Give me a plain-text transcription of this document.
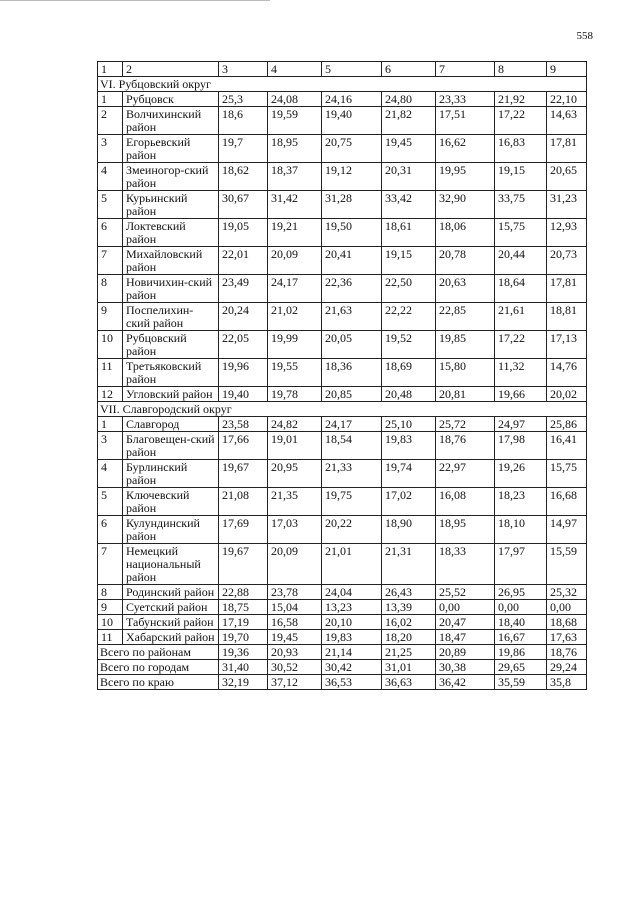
558
1	2	3	4	5	6	7	8	9
VI. Рубцовский округ								
1	Рубцовск	25,3	24,08	24,16	24,80	23,33	21,92	22,10
2	Волчихинский район	18,6	19,59	19,40	21,82	17,51	17,22	14,63
3	Егорьевский район	19,7	18,95	20,75	19,45	16,62	16,83	17,81
4	Змеиногор-ский район	18,62	18,37	19,12	20,31	19,95	19,15	20,65
5	Курьинский район	30,67	31,42	31,28	33,42	32,90	33,75	31,23
6	Локтевский район	19,05	19,21	19,50	18,61	18,06	15,75	12,93
7	Михайловский район	22,01	20,09	20,41	19,15	20,78	20,44	20,73
8	Новичихин-ский район	23,49	24,17	22,36	22,50	20,63	18,64	17,81
9	Поспелихин-ский район	20,24	21,02	21,63	22,22	22,85	21,61	18,81
10	Рубцовский район	22,05	19,99	20,05	19,52	19,85	17,22	17,13
11	Третьяковский район	19,96	19,55	18,36	18,69	15,80	11,32	14,76
12	Угловский район	19,40	19,78	20,85	20,48	20,81	19,66	20,02
VII. Славгородский округ								
1	Славгород	23,58	24,82	24,17	25,10	25,72	24,97	25,86
3	Благовещен-ский район	17,66	19,01	18,54	19,83	18,76	17,98	16,41
4	Бурлинский район	19,67	20,95	21,33	19,74	22,97	19,26	15,75
5	Ключевский район	21,08	21,35	19,75	17,02	16,08	18,23	16,68
6	Кулундинский район	17,69	17,03	20,22	18,90	18,95	18,10	14,97
7	Немецкий национальный район	19,67	20,09	21,01	21,31	18,33	17,97	15,59
8	Родинский район	22,88	23,78	24,04	26,43	25,52	26,95	25,32
9	Суетский район	18,75	15,04	13,23	13,39	0,00	0,00	0,00
10	Табунский район	17,19	16,58	20,10	16,02	20,47	18,40	18,68
11	Хабарский район	19,70	19,45	19,83	18,20	18,47	16,67	17,63
Всего по районам		19,36	20,93	21,14	21,25	20,89	19,86	18,76
Всего по городам		31,40	30,52	30,42	31,01	30,38	29,65	29,24
Всего по краю		32,19	37,12	36,53	36,63	36,42	35,59	35,8
